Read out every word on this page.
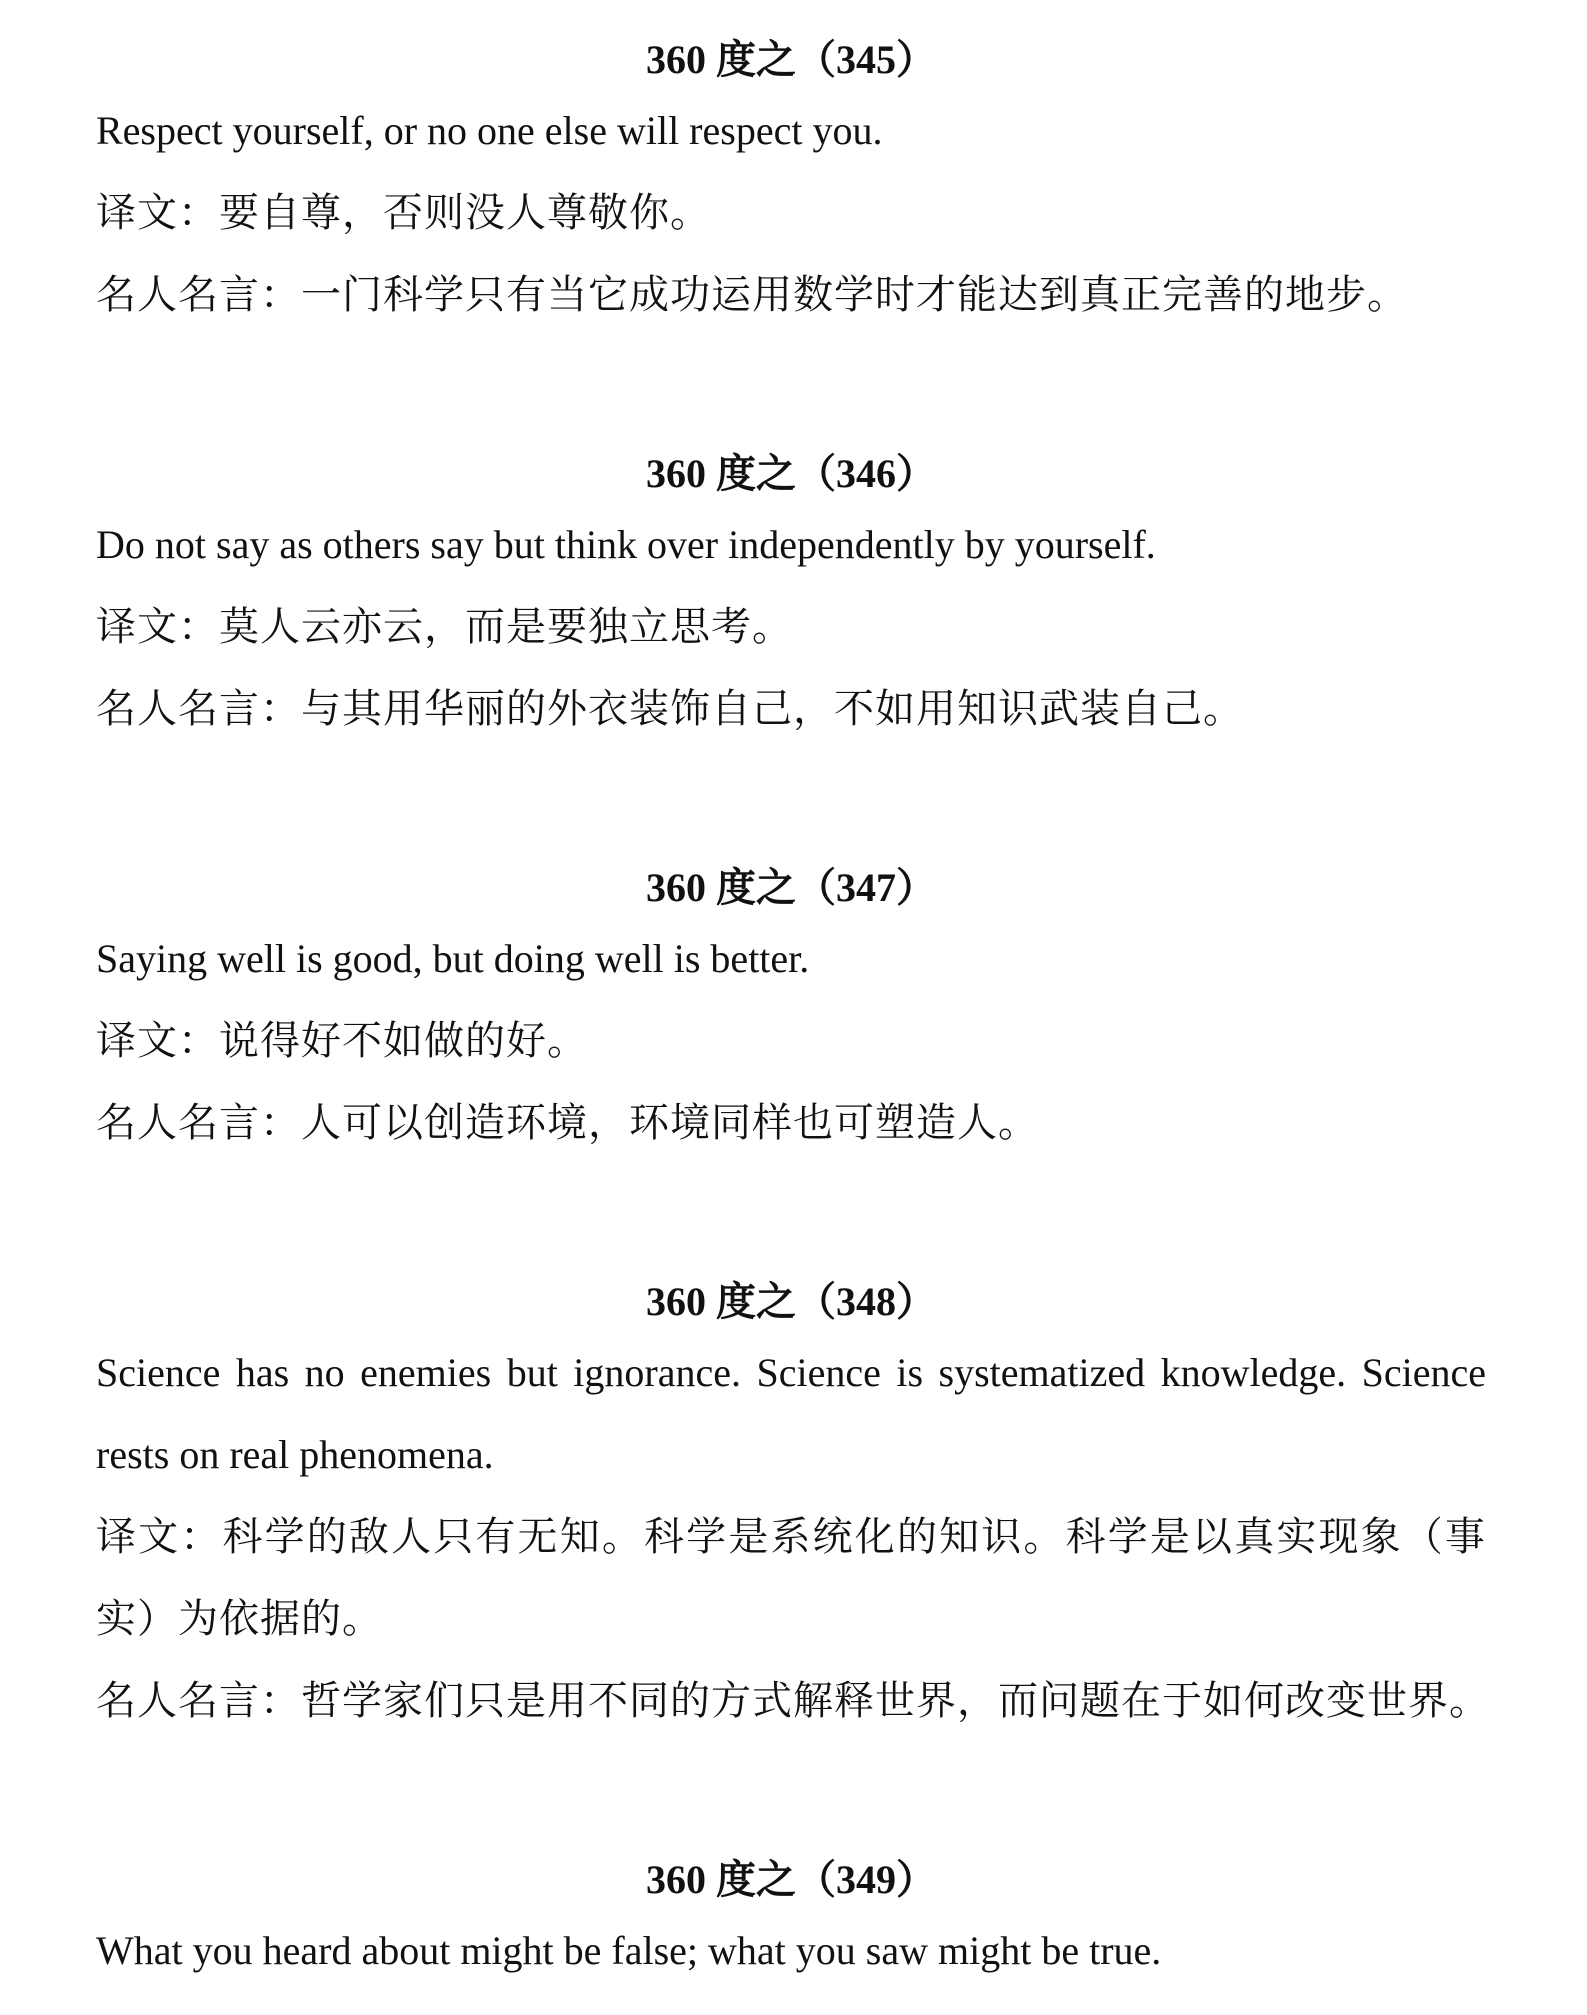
360 度之（345）

Respect yourself, or no one else will respect you.

译文：要自尊，否则没人尊敬你。

名人名言：一门科学只有当它成功运用数学时才能达到真正完善的地步。

360 度之（346）

Do not say as others say but think over independently by yourself.

译文：莫人云亦云，而是要独立思考。

名人名言：与其用华丽的外衣装饰自己，不如用知识武装自己。

360 度之（347）

Saying well is good, but doing well is better.

译文：说得好不如做的好。

名人名言：人可以创造环境，环境同样也可塑造人。

360 度之（348）

Science has no enemies but ignorance. Science is systematized knowledge. Science rests on real phenomena.

译文：科学的敌人只有无知。科学是系统化的知识。科学是以真实现象（事实）为依据的。

名人名言：哲学家们只是用不同的方式解释世界，而问题在于如何改变世界。

360 度之（349）

What you heard about might be false; what you saw might be true.
